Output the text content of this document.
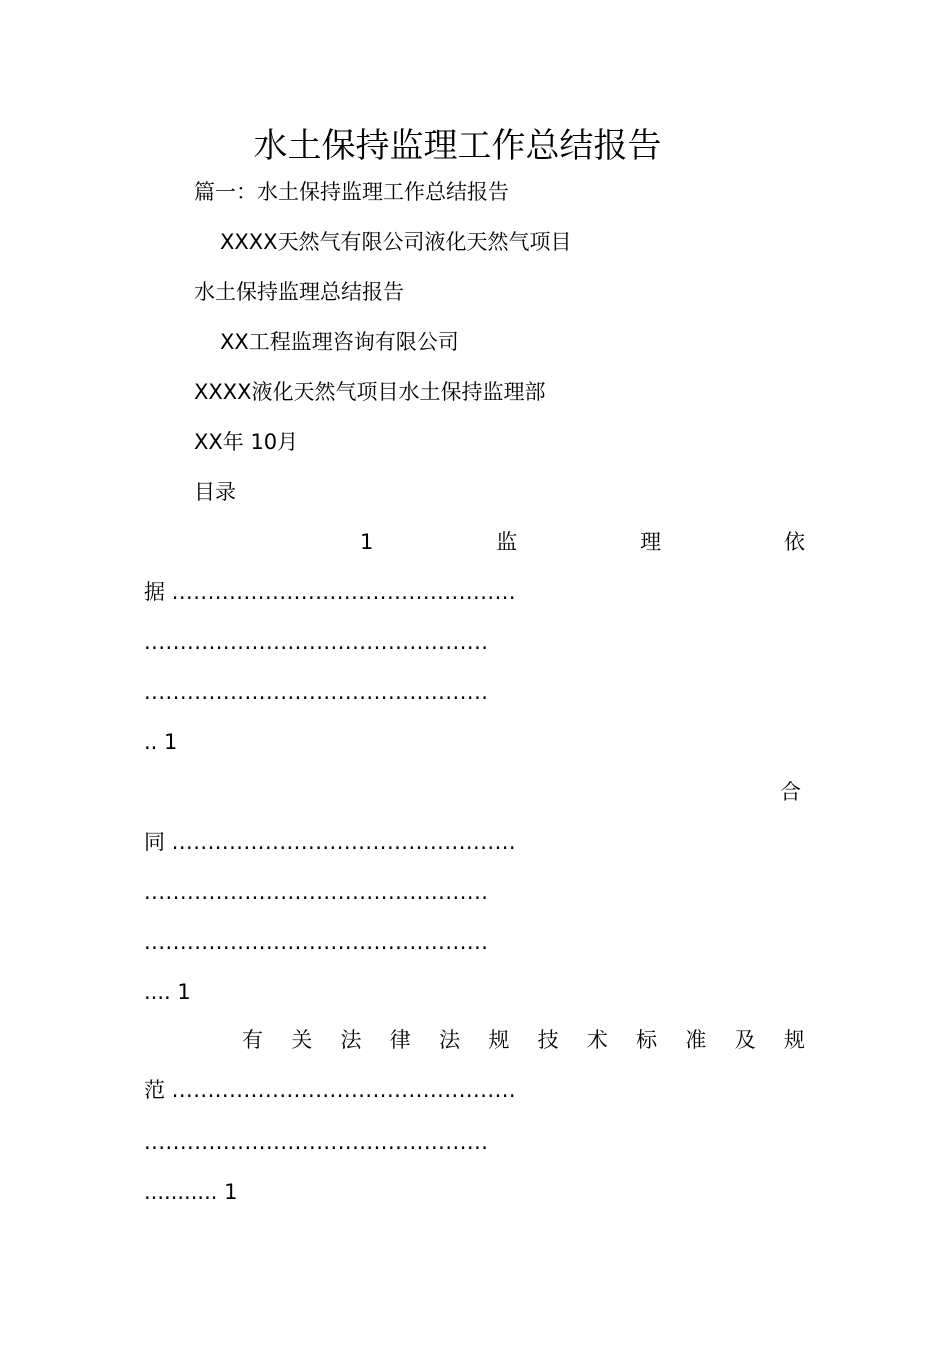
水土保持监理工作总结报告
篇一：水土保持监理工作总结报告
XXXX天然气有限公司液化天然气项目
水土保持监理总结报告
XX工程监理咨询有限公司
XXXX液化天然气项目水土保持监理部
XX年 10月
目录
1	监	理	依
据 ................................................
................................................
................................................
.. 1
合
同 ................................................
................................................
................................................
.... 1
有 关 法 律 法 规 技 术 标 准 及 规
范 ................................................
................................................
........... 1
